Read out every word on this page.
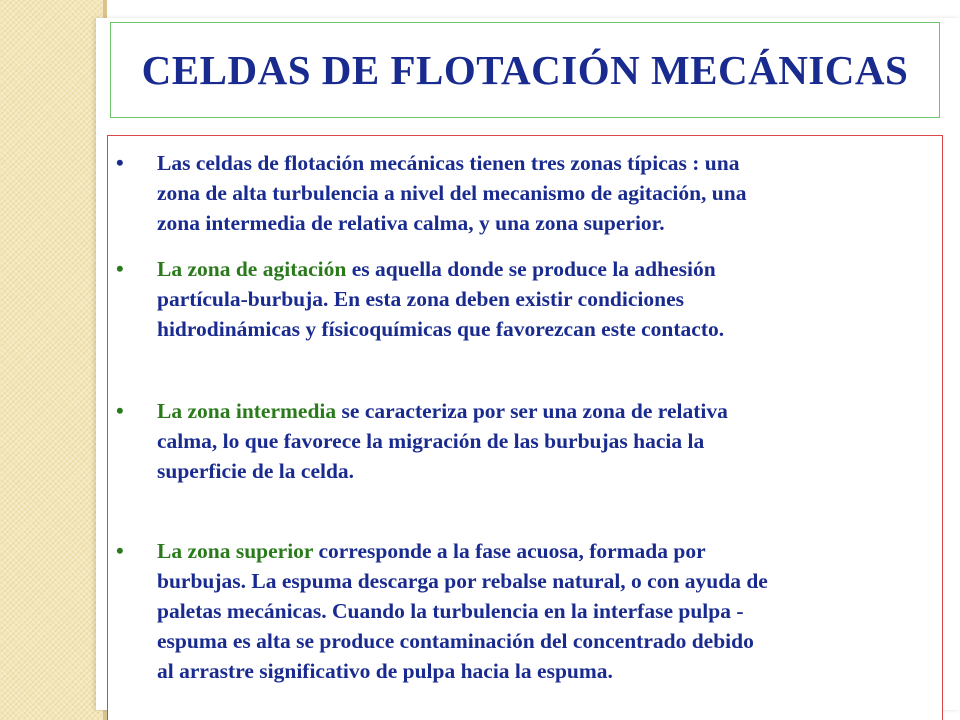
CELDAS DE FLOTACIÓN MECÁNICAS
• Las celdas de flotación mecánicas tienen tres zonas típicas : una
zona de alta turbulencia a nivel del mecanismo de agitación, una
zona intermedia de relativa calma, y una zona superior.

• La zona de agitación es aquella donde se produce la adhesión
partícula-burbuja. En esta zona deben existir condiciones
hidrodinámicas y físicoquímicas que favorezcan este contacto.

• La zona intermedia se caracteriza por ser una zona de relativa
calma, lo que favorece la migración de las burbujas hacia la
superficie de la celda.

• La zona superior corresponde a la fase acuosa, formada por
burbujas. La espuma descarga por rebalse natural, o con ayuda de
paletas mecánicas. Cuando la turbulencia en la interfase pulpa -
espuma es alta se produce contaminación del concentrado debido
al arrastre significativo de pulpa hacia la espuma.
